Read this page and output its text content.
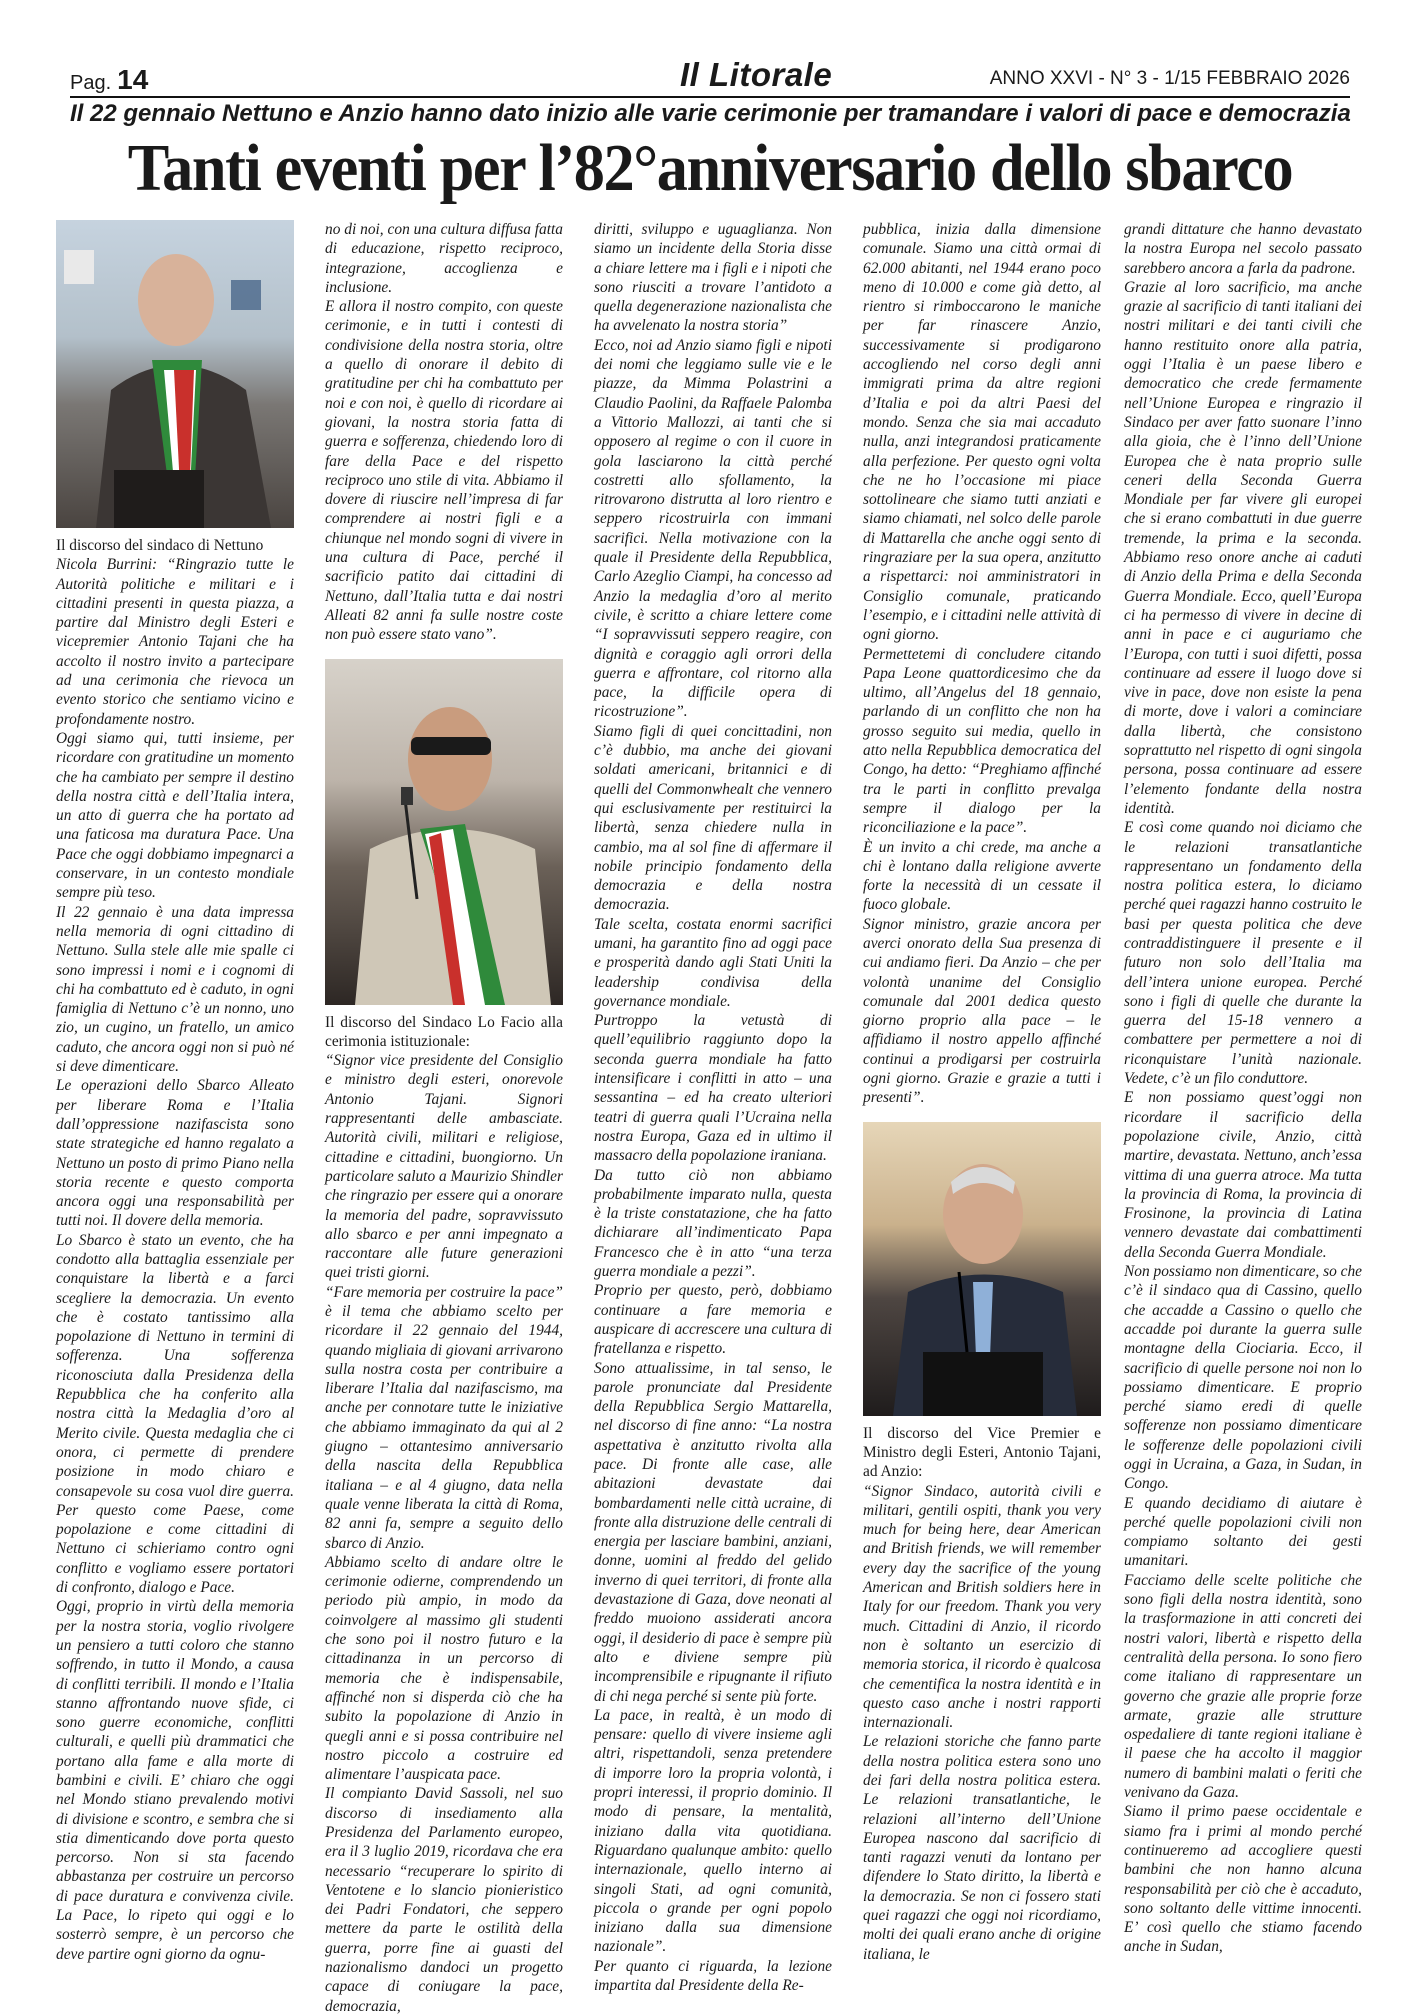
Pag. 14	Il Litorale	ANNO XXVI - N° 3 - 1/15 FEBBRAIO 2026
Il 22 gennaio Nettuno e Anzio hanno dato inizio alle varie cerimonie per tramandare i valori di pace e democrazia
Tanti eventi per l’82°anniversario dello sbarco

Il discorso del sindaco di Nettuno

Nicola Burrini: “Ringrazio tutte le Autorità politiche e militari e i cittadini presenti in questa piazza, a partire dal Ministro degli Esteri e vicepremier Antonio Tajani che ha accolto il nostro invito a partecipare ad una cerimonia che rievoca un evento storico che sentiamo vicino e profondamente nostro.

Oggi siamo qui, tutti insieme, per ricordare con gratitudine un momento che ha cambiato per sempre il destino della nostra città e dell’Italia intera, un atto di guerra che ha portato ad una faticosa ma duratura Pace. Una Pace che oggi dobbiamo impegnarci a conservare, in un contesto mondiale sempre più teso.

Il 22 gennaio è una data impressa nella memoria di ogni cittadino di Nettuno. Sulla stele alle mie spalle ci sono impressi i nomi e i cognomi di chi ha combattuto ed è caduto, in ogni famiglia di Nettuno c’è un nonno, uno zio, un cugino, un fratello, un amico caduto, che ancora oggi non si può né si deve dimenticare.

Le operazioni dello Sbarco Alleato per liberare Roma e l’Italia dall’oppressione nazifascista sono state strategiche ed hanno regalato a Nettuno un posto di primo Piano nella storia recente e questo comporta ancora oggi una responsabilità per tutti noi. Il dovere della memoria.

Lo Sbarco è stato un evento, che ha condotto alla battaglia essenziale per conquistare la libertà e a farci scegliere la democrazia. Un evento che è costato tantissimo alla popolazione di Nettuno in termini di sofferenza. Una sofferenza riconosciuta dalla Presidenza della Repubblica che ha conferito alla nostra città la Medaglia d’oro al Merito civile. Questa medaglia che ci onora, ci permette di prendere posizione in modo chiaro e consapevole su cosa vuol dire guerra. Per questo come Paese, come popolazione e come cittadini di Nettuno ci schieriamo contro ogni conflitto e vogliamo essere portatori di confronto, dialogo e Pace.

Oggi, proprio in virtù della memoria per la nostra storia, voglio rivolgere un pensiero a tutti coloro che stanno soffrendo, in tutto il Mondo, a causa di conflitti terribili. Il mondo e l’Italia stanno affrontando nuove sfide, ci sono guerre economiche, conflitti culturali, e quelli più drammatici che portano alla fame e alla morte di bambini e civili. E’ chiaro che oggi nel Mondo stiano prevalendo motivi di divisione e scontro, e sembra che si stia dimenticando dove porta questo percorso. Non si sta facendo abbastanza per costruire un percorso di pace duratura e convivenza civile. La Pace, lo ripeto qui oggi e lo sosterrò sempre, è un percorso che deve partire ogni giorno da ognu-

no di noi, con una cultura diffusa fatta di educazione, rispetto reciproco, integrazione, accoglienza e inclusione.

E allora il nostro compito, con queste cerimonie, e in tutti i contesti di condivisione della nostra storia, oltre a quello di onorare il debito di gratitudine per chi ha combattuto per noi e con noi, è quello di ricordare ai giovani, la nostra storia fatta di guerra e sofferenza, chiedendo loro di fare della Pace e del rispetto reciproco uno stile di vita. Abbiamo il dovere di riuscire nell’impresa di far comprendere ai nostri figli e a chiunque nel mondo sogni di vivere in una cultura di Pace, perché il sacrificio patito dai cittadini di Nettuno, dall’Italia tutta e dai nostri Alleati 82 anni fa sulle nostre coste non può essere stato vano”.

Il discorso del Sindaco Lo Facio alla cerimonia istituzionale:

“Signor vice presidente del Consiglio e ministro degli esteri, onorevole Antonio Tajani. Signori rappresentanti delle ambasciate. Autorità civili, militari e religiose, cittadine e cittadini, buongiorno. Un particolare saluto a Maurizio Shindler che ringrazio per essere qui a onorare la memoria del padre, sopravvissuto allo sbarco e per anni impegnato a raccontare alle future generazioni quei tristi giorni.

“Fare memoria per costruire la pace” è il tema che abbiamo scelto per ricordare il 22 gennaio del 1944, quando migliaia di giovani arrivarono sulla nostra costa per contribuire a liberare l’Italia dal nazifascismo, ma anche per connotare tutte le iniziative che abbiamo immaginato da qui al 2 giugno – ottantesimo anniversario della nascita della Repubblica italiana – e al 4 giugno, data nella quale venne liberata la città di Roma, 82 anni fa, sempre a seguito dello sbarco di Anzio.

Abbiamo scelto di andare oltre le cerimonie odierne, comprendendo un periodo più ampio, in modo da coinvolgere al massimo gli studenti che sono poi il nostro futuro e la cittadinanza in un percorso di memoria che è indispensabile, affinché non si disperda ciò che ha subito la popolazione di Anzio in quegli anni e si possa contribuire nel nostro piccolo a costruire ed alimentare l’auspicata pace.

Il compianto David Sassoli, nel suo discorso di insediamento alla Presidenza del Parlamento europeo, era il 3 luglio 2019, ricordava che era necessario “recuperare lo spirito di Ventotene e lo slancio pionieristico dei Padri Fondatori, che seppero mettere da parte le ostilità della guerra, porre fine ai guasti del nazionalismo dandoci un progetto capace di coniugare la pace, democrazia,

diritti, sviluppo e uguaglianza. Non siamo un incidente della Storia disse a chiare lettere ma i figli e i nipoti che sono riusciti a trovare l’antidoto a quella degenerazione nazionalista che ha avvelenato la nostra storia”

Ecco, noi ad Anzio siamo figli e nipoti dei nomi che leggiamo sulle vie e le piazze, da Mimma Polastrini a Claudio Paolini, da Raffaele Palomba a Vittorio Mallozzi, ai tanti che si opposero al regime o con il cuore in gola lasciarono la città perché costretti allo sfollamento, la ritrovarono distrutta al loro rientro e seppero ricostruirla con immani sacrifici. Nella motivazione con la quale il Presidente della Repubblica, Carlo Azeglio Ciampi, ha concesso ad Anzio la medaglia d’oro al merito civile, è scritto a chiare lettere come “I sopravvissuti seppero reagire, con dignità e coraggio agli orrori della guerra e affrontare, col ritorno alla pace, la difficile opera di ricostruzione”.

Siamo figli di quei concittadini, non c’è dubbio, ma anche dei giovani soldati americani, britannici e di quelli del Commonwhealt che vennero qui esclusivamente per restituirci la libertà, senza chiedere nulla in cambio, ma al sol fine di affermare il nobile principio fondamento della democrazia e della nostra democrazia.

Tale scelta, costata enormi sacrifici umani, ha garantito fino ad oggi pace e prosperità dando agli Stati Uniti la leadership condivisa della governance mondiale.

Purtroppo la vetustà di quell’equilibrio raggiunto dopo la seconda guerra mondiale ha fatto intensificare i conflitti in atto – una sessantina – ed ha creato ulteriori teatri di guerra quali l’Ucraina nella nostra Europa, Gaza ed in ultimo il massacro della popolazione iraniana.

Da tutto ciò non abbiamo probabilmente imparato nulla, questa è la triste constatazione, che ha fatto dichiarare all’indimenticato Papa Francesco che è in atto “una terza guerra mondiale a pezzi”.

Proprio per questo, però, dobbiamo continuare a fare memoria e auspicare di accrescere una cultura di fratellanza e rispetto.

Sono attualissime, in tal senso, le parole pronunciate dal Presidente della Repubblica Sergio Mattarella, nel discorso di fine anno: “La nostra aspettativa è anzitutto rivolta alla pace. Di fronte alle case, alle abitazioni devastate dai bombardamenti nelle città ucraine, di fronte alla distruzione delle centrali di energia per lasciare bambini, anziani, donne, uomini al freddo del gelido inverno di quei territori, di fronte alla devastazione di Gaza, dove neonati al freddo muoiono assiderati ancora oggi, il desiderio di pace è sempre più alto e diviene sempre più incomprensibile e ripugnante il rifiuto di chi nega perché si sente più forte.

La pace, in realtà, è un modo di pensare: quello di vivere insieme agli altri, rispettandoli, senza pretendere di imporre loro la propria volontà, i propri interessi, il proprio dominio. Il modo di pensare, la mentalità, iniziano dalla vita quotidiana. Riguardano qualunque ambito: quello internazionale, quello interno ai singoli Stati, ad ogni comunità, piccola o grande per ogni popolo iniziano dalla sua dimensione nazionale”.

Per quanto ci riguarda, la lezione impartita dal Presidente della Re-

pubblica, inizia dalla dimensione comunale. Siamo una città ormai di 62.000 abitanti, nel 1944 erano poco meno di 10.000 e come già detto, al rientro si rimboccarono le maniche per far rinascere Anzio, successivamente si prodigarono accogliendo nel corso degli anni immigrati prima da altre regioni d’Italia e poi da altri Paesi del mondo. Senza che sia mai accaduto nulla, anzi integrandosi praticamente alla perfezione. Per questo ogni volta che ne ho l’occasione mi piace sottolineare che siamo tutti anziati e siamo chiamati, nel solco delle parole di Mattarella che anche oggi sento di ringraziare per la sua opera, anzitutto a rispettarci: noi amministratori in Consiglio comunale, praticando l’esempio, e i cittadini nelle attività di ogni giorno.

Permettetemi di concludere citando Papa Leone quattordicesimo che da ultimo, all’Angelus del 18 gennaio, parlando di un conflitto che non ha grosso seguito sui media, quello in atto nella Repubblica democratica del Congo, ha detto: “Preghiamo affinché tra le parti in conflitto prevalga sempre il dialogo per la riconciliazione e la pace”.

È un invito a chi crede, ma anche a chi è lontano dalla religione avverte forte la necessità di un cessate il fuoco globale.

Signor ministro, grazie ancora per averci onorato della Sua presenza di cui andiamo fieri. Da Anzio – che per volontà unanime del Consiglio comunale dal 2001 dedica questo giorno proprio alla pace – le affidiamo il nostro appello affinché continui a prodigarsi per costruirla ogni giorno. Grazie e grazie a tutti i presenti”.

Il discorso del Vice Premier e Ministro degli Esteri, Antonio Tajani, ad Anzio:

“Signor Sindaco, autorità civili e militari, gentili ospiti, thank you very much for being here, dear American and British friends, we will remember every day the sacrifice of the young American and British soldiers here in Italy for our freedom. Thank you very much. Cittadini di Anzio, il ricordo non è soltanto un esercizio di memoria storica, il ricordo è qualcosa che cementifica la nostra identità e in questo caso anche i nostri rapporti internazionali.

Le relazioni storiche che fanno parte della nostra politica estera sono uno dei fari della nostra politica estera. Le relazioni transatlantiche, le relazioni all’interno dell’Unione Europea nascono dal sacrificio di tanti ragazzi venuti da lontano per difendere lo Stato diritto, la libertà e la democrazia. Se non ci fossero stati quei ragazzi che oggi noi ricordiamo, molti dei quali erano anche di origine italiana, le

grandi dittature che hanno devastato la nostra Europa nel secolo passato sarebbero ancora a farla da padrone.

Grazie al loro sacrificio, ma anche grazie al sacrificio di tanti italiani dei nostri militari e dei tanti civili che hanno restituito onore alla patria, oggi l’Italia è un paese libero e democratico che crede fermamente nell’Unione Europea e ringrazio il Sindaco per aver fatto suonare l’inno alla gioia, che è l’inno dell’Unione Europea che è nata proprio sulle ceneri della Seconda Guerra Mondiale per far vivere gli europei che si erano combattuti in due guerre tremende, la prima e la seconda. Abbiamo reso onore anche ai caduti di Anzio della Prima e della Seconda Guerra Mondiale. Ecco, quell’Europa ci ha permesso di vivere in decine di anni in pace e ci auguriamo che l’Europa, con tutti i suoi difetti, possa continuare ad essere il luogo dove si vive in pace, dove non esiste la pena di morte, dove i valori a cominciare dalla libertà, che consistono soprattutto nel rispetto di ogni singola persona, possa continuare ad essere l’elemento fondante della nostra identità.

E così come quando noi diciamo che le relazioni transatlantiche rappresentano un fondamento della nostra politica estera, lo diciamo perché quei ragazzi hanno costruito le basi per questa politica che deve contraddistinguere il presente e il futuro non solo dell’Italia ma dell’intera unione europea. Perché sono i figli di quelle che durante la guerra del 15-18 vennero a combattere per permettere a noi di riconquistare l’unità nazionale. Vedete, c’è un filo conduttore.

E non possiamo quest’oggi non ricordare il sacrificio della popolazione civile, Anzio, città martire, devastata. Nettuno, anch’essa vittima di una guerra atroce. Ma tutta la provincia di Roma, la provincia di Frosinone, la provincia di Latina vennero devastate dai combattimenti della Seconda Guerra Mondiale.

Non possiamo non dimenticare, so che c’è il sindaco qua di Cassino, quello che accadde a Cassino o quello che accadde poi durante la guerra sulle montagne della Ciociaria. Ecco, il sacrificio di quelle persone noi non lo possiamo dimenticare. E proprio perché siamo eredi di quelle sofferenze non possiamo dimenticare le sofferenze delle popolazioni civili oggi in Ucraina, a Gaza, in Sudan, in Congo.

E quando decidiamo di aiutare è perché quelle popolazioni civili non compiamo soltanto dei gesti umanitari.

Facciamo delle scelte politiche che sono figli della nostra identità, sono la trasformazione in atti concreti dei nostri valori, libertà e rispetto della centralità della persona. Io sono fiero come italiano di rappresentare un governo che grazie alle proprie forze armate, grazie alle strutture ospedaliere di tante regioni italiane è il paese che ha accolto il maggior numero di bambini malati o feriti che venivano da Gaza.

Siamo il primo paese occidentale e siamo fra i primi al mondo perché continueremo ad accogliere questi bambini che non hanno alcuna responsabilità per ciò che è accaduto, sono soltanto delle vittime innocenti. E’ così quello che stiamo facendo anche in Sudan,
